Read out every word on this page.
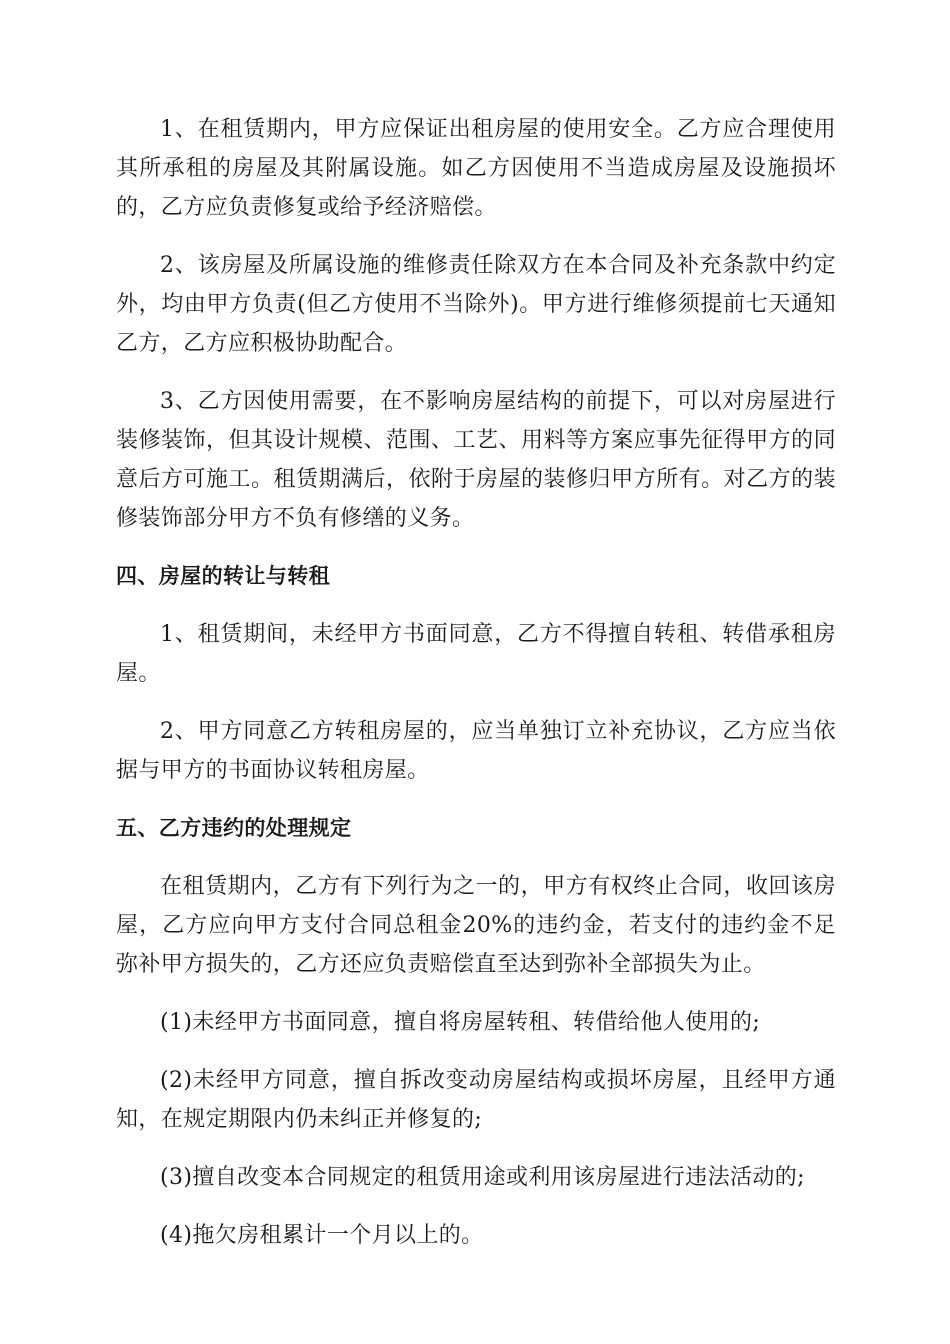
1、在租赁期内，甲方应保证出租房屋的使用安全。乙方应合理使用其所承租的房屋及其附属设施。如乙方因使用不当造成房屋及设施损坏的，乙方应负责修复或给予经济赔偿。

2、该房屋及所属设施的维修责任除双方在本合同及补充条款中约定外，均由甲方负责(但乙方使用不当除外)。甲方进行维修须提前七天通知乙方，乙方应积极协助配合。

3、乙方因使用需要，在不影响房屋结构的前提下，可以对房屋进行装修装饰，但其设计规模、范围、工艺、用料等方案应事先征得甲方的同意后方可施工。租赁期满后，依附于房屋的装修归甲方所有。对乙方的装修装饰部分甲方不负有修缮的义务。

四、房屋的转让与转租

1、租赁期间，未经甲方书面同意，乙方不得擅自转租、转借承租房屋。

2、甲方同意乙方转租房屋的，应当单独订立补充协议，乙方应当依据与甲方的书面协议转租房屋。

五、乙方违约的处理规定

在租赁期内，乙方有下列行为之一的，甲方有权终止合同，收回该房屋，乙方应向甲方支付合同总租金20%的违约金，若支付的违约金不足弥补甲方损失的，乙方还应负责赔偿直至达到弥补全部损失为止。

(1)未经甲方书面同意，擅自将房屋转租、转借给他人使用的;

(2)未经甲方同意，擅自拆改变动房屋结构或损坏房屋，且经甲方通知，在规定期限内仍未纠正并修复的;

(3)擅自改变本合同规定的租赁用途或利用该房屋进行违法活动的;

(4)拖欠房租累计一个月以上的。
